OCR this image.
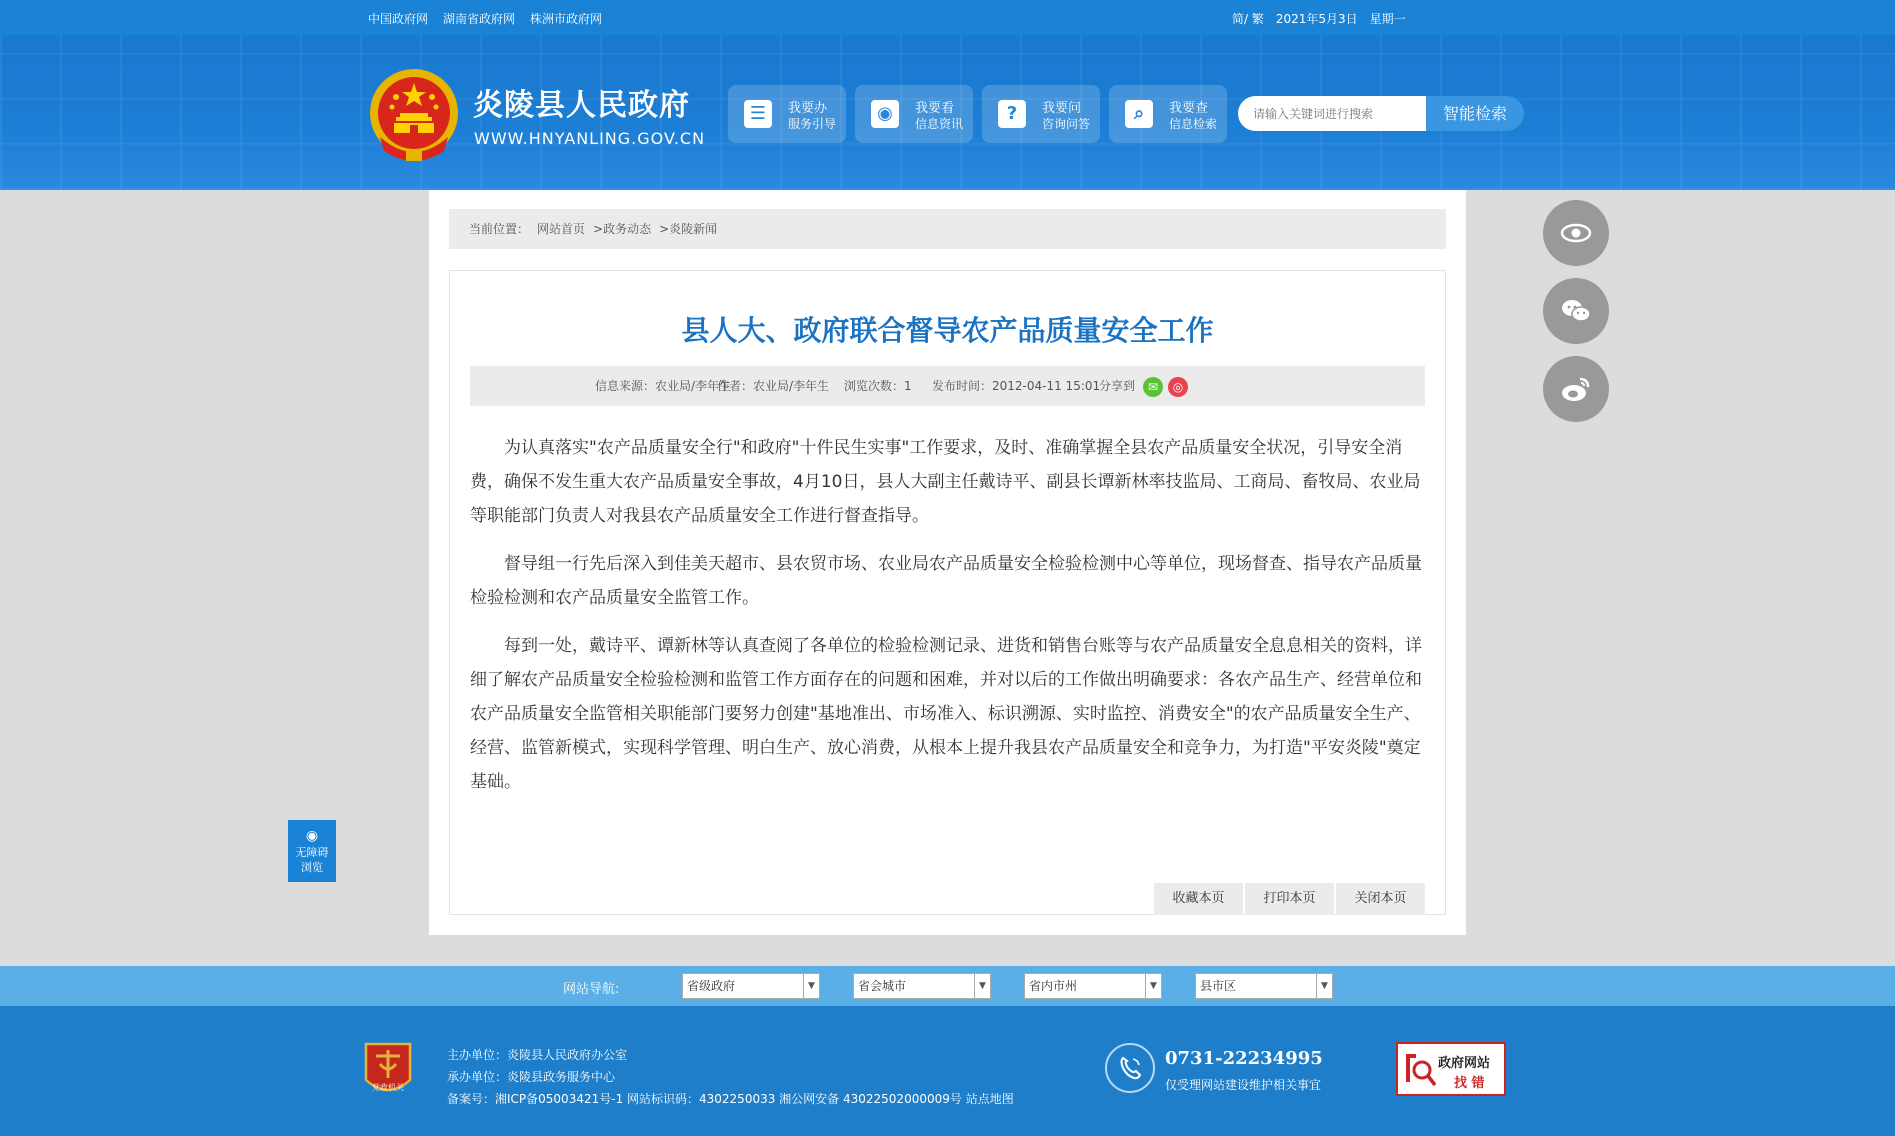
中国政府网 湖南省政府网 株洲市政府网	简/ 繁 2021年5月3日 星期一
炎陵县人民政府
WWW.HNYANLING.GOV.CN
☰	我要办
服务引导	◉	我要看
信息资讯	?	我要问
咨询问答	⌕	我要查
信息检索
请输入关键词进行搜索
智能检索
当前位置： 网站首页 >政务动态 >炎陵新闻
县人大、政府联合督导农产品质量安全工作
信息来源：农业局/李年生
作者：农业局/李年生 浏览次数：1 发布时间：2012-04-11 15:01
分享到	✉	◎

为认真落实"农产品质量安全行"和政府"十件民生实事"工作要求，及时、准确掌握全县农产品质量安全状况，引导安全消费，确保不发生重大农产品质量安全事故，4月10日，县人大副主任戴诗平、副县长谭新林率技监局、工商局、畜牧局、农业局等职能部门负责人对我县农产品质量安全工作进行督查指导。

督导组一行先后深入到佳美天超市、县农贸市场、农业局农产品质量安全检验检测中心等单位，现场督查、指导农产品质量检验检测和农产品质量安全监管工作。

每到一处，戴诗平、谭新林等认真查阅了各单位的检验检测记录、进货和销售台账等与农产品质量安全息息相关的资料，详细了解农产品质量安全检验检测和监管工作方面存在的问题和困难，并对以后的工作做出明确要求：各农产品生产、经营单位和农产品质量安全监管相关职能部门要努力创建"基地准出、市场准入、标识溯源、实时监控、消费安全"的农产品质量安全生产、经营、监管新模式，实现科学管理、明白生产、放心消费，从根本上提升我县农产品质量安全和竞争力，为打造"平安炎陵"奠定基础。

收藏本页	打印本页	关闭本页
◉
无障碍
浏览
网站导航:	省级政府	▼	省会城市	▼	省内市州	▼	县市区	▼
党政机关
主办单位：炎陵县人民政府办公室
承办单位：炎陵县政务服务中心
备案号：湘ICP备05003421号-1 网站标识码：4302250033 湘公网安备 43022502000009号 站点地图
0731-22234995
仅受理网站建设维护相关事宜
政府网站
找 错
